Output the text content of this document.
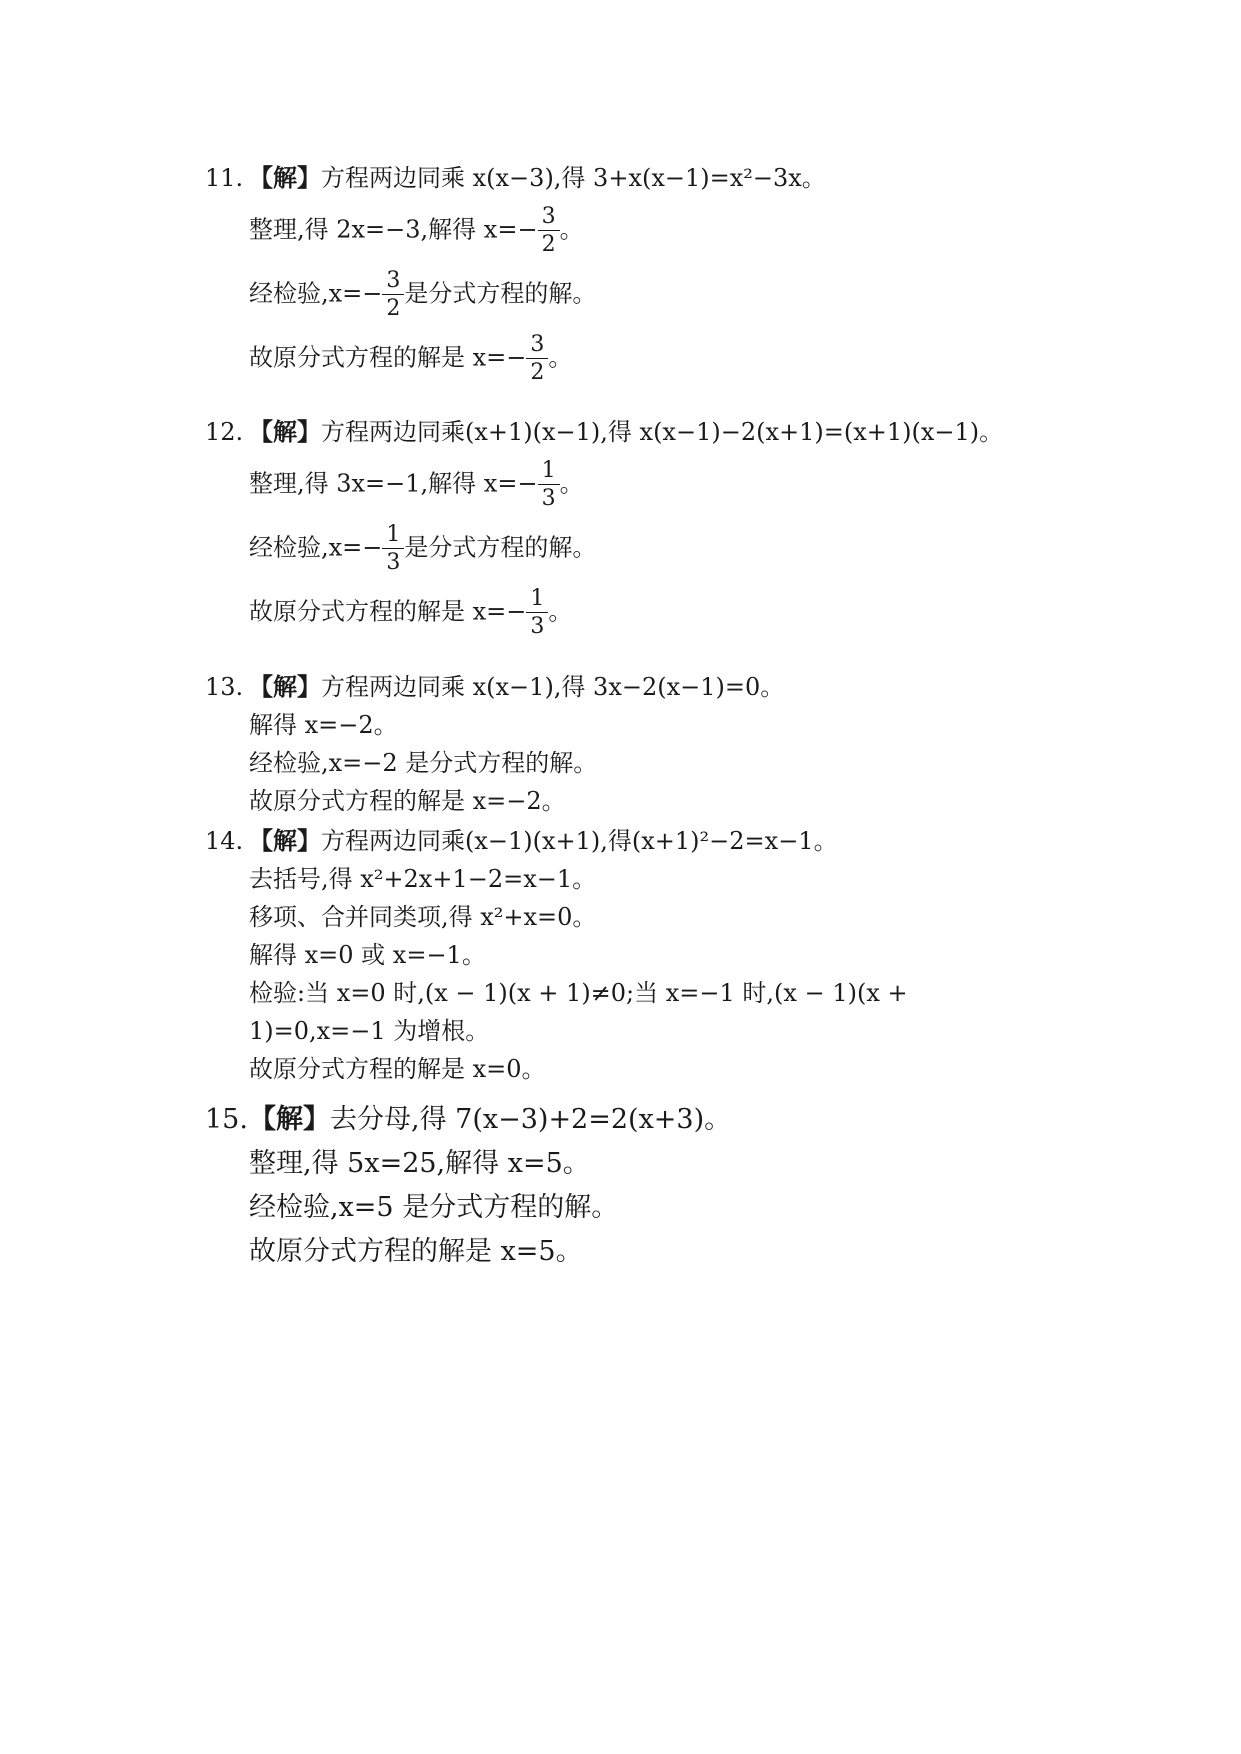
11. 【解】方程两边同乘 x(x−3),得 3+x(x−1)=x²−3x。
整理,得 2x=−3,解得 $x=- \frac{3}{2}$ 。
经检验$,x=- \frac{3}{2}$ 是分式方程的解。
故原分式方程的解是 $x=- \frac{3}{2}$ 。
12. 【解】方程两边同乘(x+1)(x−1),得 x(x−1)−2(x+1)=(x+1)(x−1)。
整理,得 3x=−1,解得 $x=- \frac{1}{3}$ 。
经检验$,x=- \frac{1}{3}$ 是分式方程的解。
故原分式方程的解是 $x=- \frac{1}{3}$ 。
13. 【解】方程两边同乘 x(x−1),得 3x−2(x−1)=0。
解得 x=−2。
经检验,x=−2 是分式方程的解。
故原分式方程的解是 x=−2。
14. 【解】方程两边同乘(x−1)(x+1),得(x+1)²−2=x−1。
去括号,得 x²+2x+1−2=x−1。
移项、合并同类项,得 x²+x=0。
解得 x=0 或 x=−1。
检验:当 x=0 时,(x − 1)(x + 1)≠0;当 x=−1 时,(x − 1)(x +
1)=0,x=−1 为增根。
故原分式方程的解是 x=0。
15.【解】去分母,得 7(x−3)+2=2(x+3)。
整理,得 5x=25,解得 x=5。
经检验,x=5 是分式方程的解。
故原分式方程的解是 x=5。
